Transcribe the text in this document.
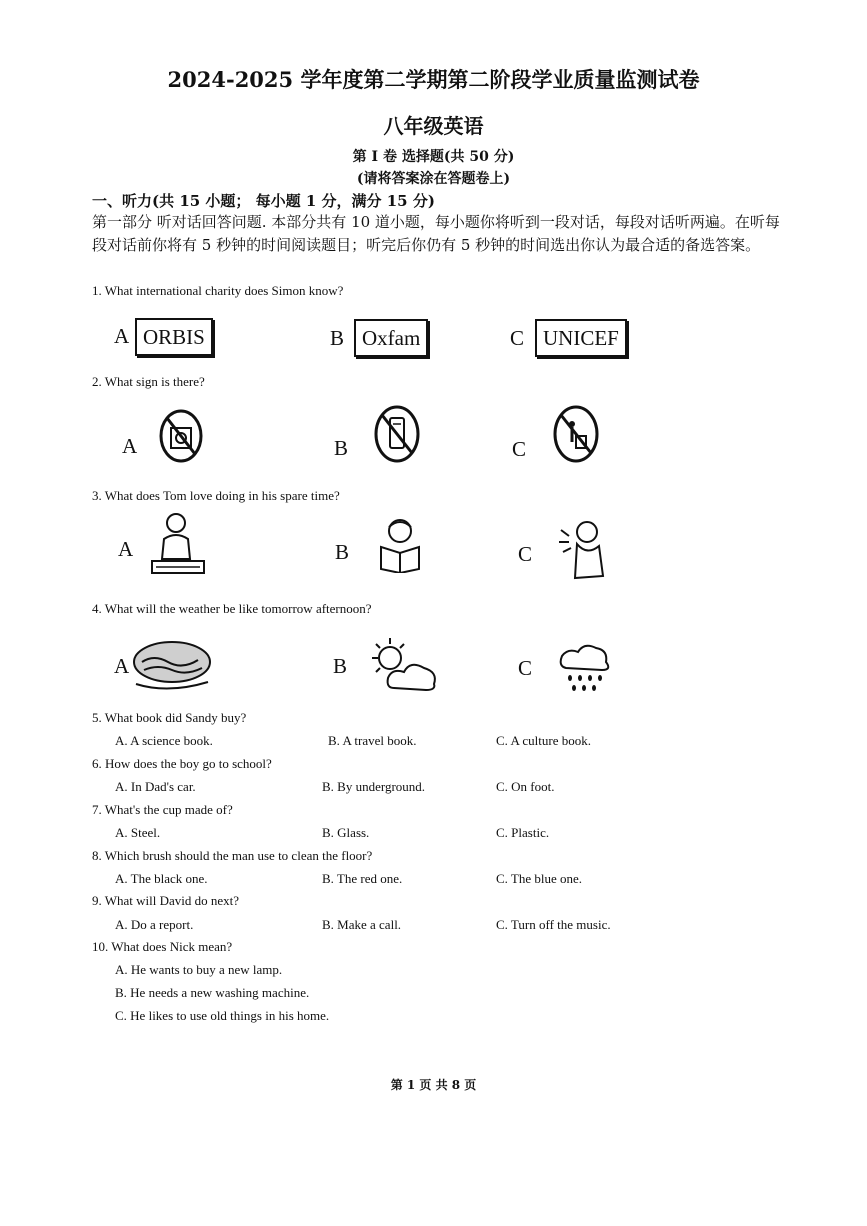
2024-2025 学年度第二学期第二阶段学业质量监测试卷
八年级英语
第 I 卷 选择题(共 50 分)
(请将答案涂在答题卷上)
一、听力(共 15 小题； 每小题 1 分，满分 15 分)
第一部分 听对话回答问题. 本部分共有 10 道小题，每小题你将听到一段对话，每段对话听两遍。在听每段对话前你将有 5 秒钟的时间阅读题目；听完后你仍有 5 秒钟的时间选出你认为最合适的备选答案。
1. What international charity does Simon know?
A ORBIS	B Oxfam	C UNICEF
2. What sign is there?
A	B	C
3. What does Tom love doing in his spare time?
A	B	C
4. What will the weather be like tomorrow afternoon?
A	B	C
5. What book did Sandy buy?
A. A science book.	B. A travel book.	C. A culture book.
6. How does the boy go to school?
A. In Dad's car.	B. By underground.	C. On foot.
7. What's the cup made of?
A. Steel.	B. Glass.	C. Plastic.
8. Which brush should the man use to clean the floor?
A. The black one.	B. The red one.	C. The blue one.
9. What will David do next?
A. Do a report.	B. Make a call.	C. Turn off the music.
10. What does Nick mean?
A. He wants to buy a new lamp.
B. He needs a new washing machine.
C. He likes to use old things in his home.
第 1 页 共 8 页
